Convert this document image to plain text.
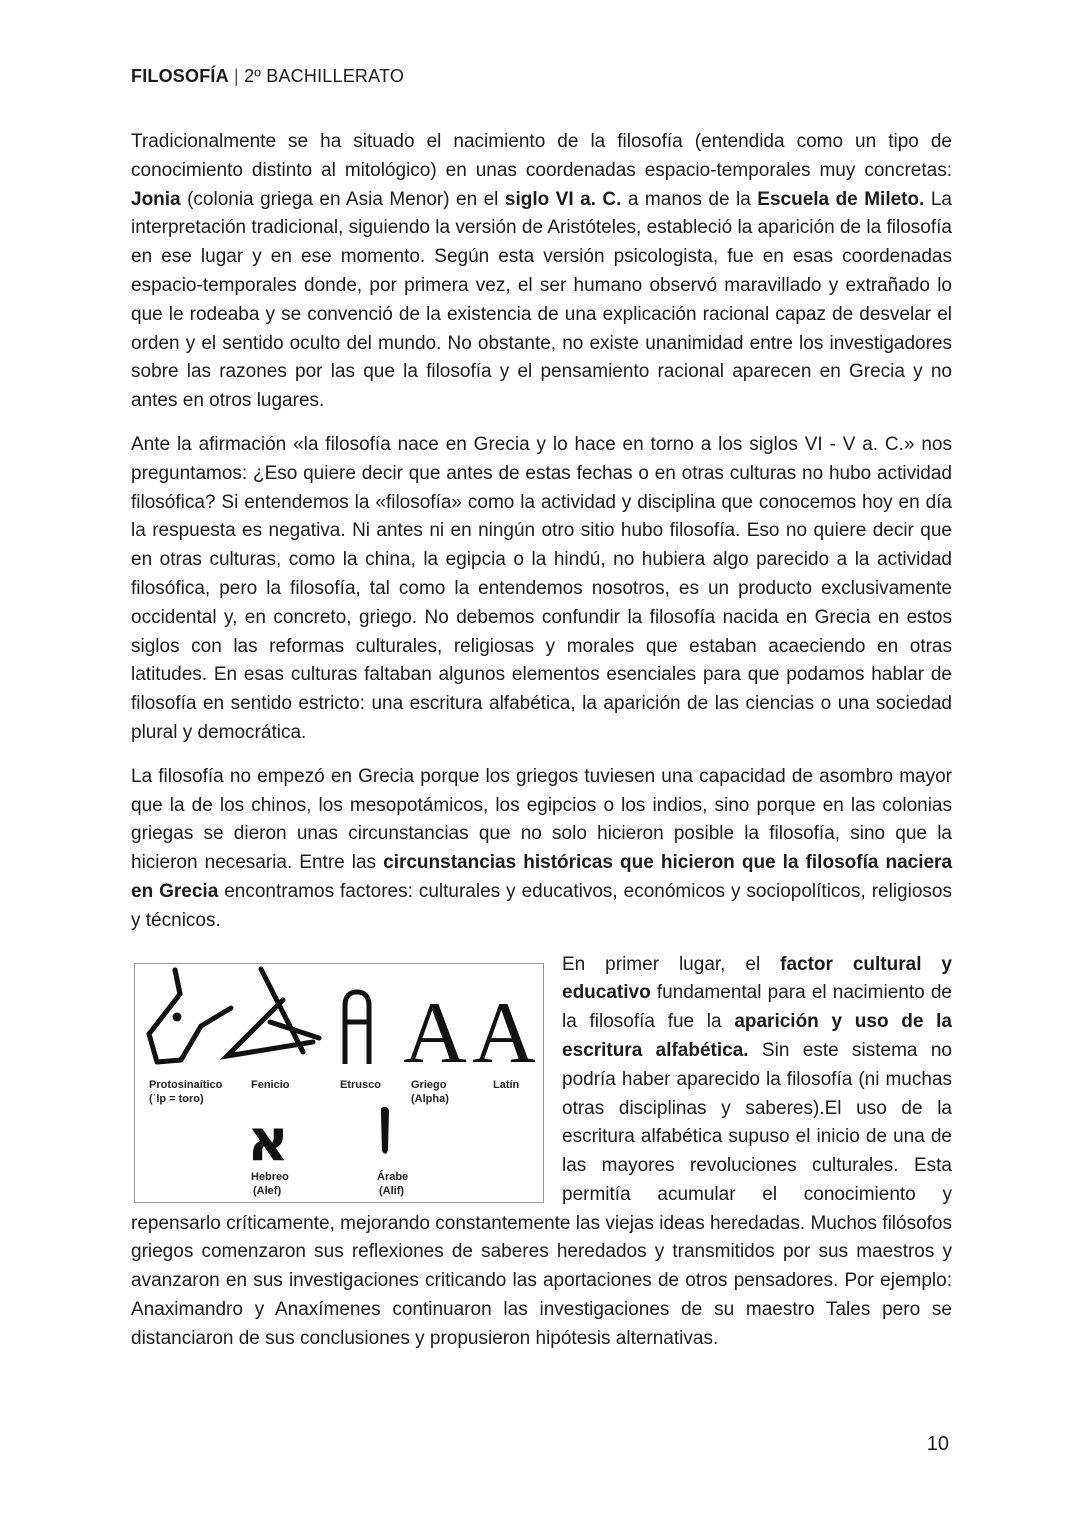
FILOSOFÍA | 2º BACHILLERATO

Tradicionalmente se ha situado el nacimiento de la filosofía (entendida como un tipo de conocimiento distinto al mitológico) en unas coordenadas espacio-temporales muy concretas: Jonia (colonia griega en Asia Menor) en el siglo VI a. C. a manos de la Escuela de Mileto. La interpretación tradicional, siguiendo la versión de Aristóteles, estableció la aparición de la filosofía en ese lugar y en ese momento. Según esta versión psicologista, fue en esas coordenadas espacio-temporales donde, por primera vez, el ser humano observó maravillado y extrañado lo que le rodeaba y se convenció de la existencia de una explicación racional capaz de desvelar el orden y el sentido oculto del mundo. No obstante, no existe unanimidad entre los investigadores sobre las razones por las que la filosofía y el pensamiento racional aparecen en Grecia y no antes en otros lugares.

Ante la afirmación «la filosofía nace en Grecia y lo hace en torno a los siglos VI - V a. C.» nos preguntamos: ¿Eso quiere decir que antes de estas fechas o en otras culturas no hubo actividad filosófica? Si entendemos la «filosofía» como la actividad y disciplina que conocemos hoy en día la respuesta es negativa. Ni antes ni en ningún otro sitio hubo filosofía. Eso no quiere decir que en otras culturas, como la china, la egipcia o la hindú, no hubiera algo parecido a la actividad filosófica, pero la filosofía, tal como la entendemos nosotros, es un producto exclusivamente occidental y, en concreto, griego. No debemos confundir la filosofía nacida en Grecia en estos siglos con las reformas culturales, religiosas y morales que estaban acaeciendo en otras latitudes. En esas culturas faltaban algunos elementos esenciales para que podamos hablar de filosofía en sentido estricto: una escritura alfabética, la aparición de las ciencias o una sociedad plural y democrática.

La filosofía no empezó en Grecia porque los griegos tuviesen una capacidad de asombro mayor que la de los chinos, los mesopotámicos, los egipcios o los indios, sino porque en las colonias griegas se dieron unas circunstancias que no solo hicieron posible la filosofía, sino que la hicieron necesaria. Entre las circunstancias históricas que hicieron que la filosofía naciera en Grecia encontramos factores: culturales y educativos, económicos y sociopolíticos, religiosos y técnicos.

A A
Protosinaítico
(ʾlp = toro)
Fenicio	Etrusco	Griego
(Alpha)
Latín
Hebreo
(Alef)
Árabe
(Alif)
א

En primer lugar, el factor cultural y educativo fundamental para el nacimiento de la filosofía fue la aparición y uso de la escritura alfabética. Sin este sistema no podría haber aparecido la filosofía (ni muchas otras disciplinas y saberes).El uso de la escritura alfabética supuso el inicio de una de las mayores revoluciones culturales. Esta permitía acumular el conocimiento y repensarlo críticamente, mejorando constantemente las viejas ideas heredadas. Muchos filósofos griegos comenzaron sus reflexiones de saberes heredados y transmitidos por sus maestros y avanzaron en sus investigaciones criticando las aportaciones de otros pensadores. Por ejemplo: Anaximandro y Anaxímenes continuaron las investigaciones de su maestro Tales pero se distanciaron de sus conclusiones y propusieron hipótesis alternativas.

10
